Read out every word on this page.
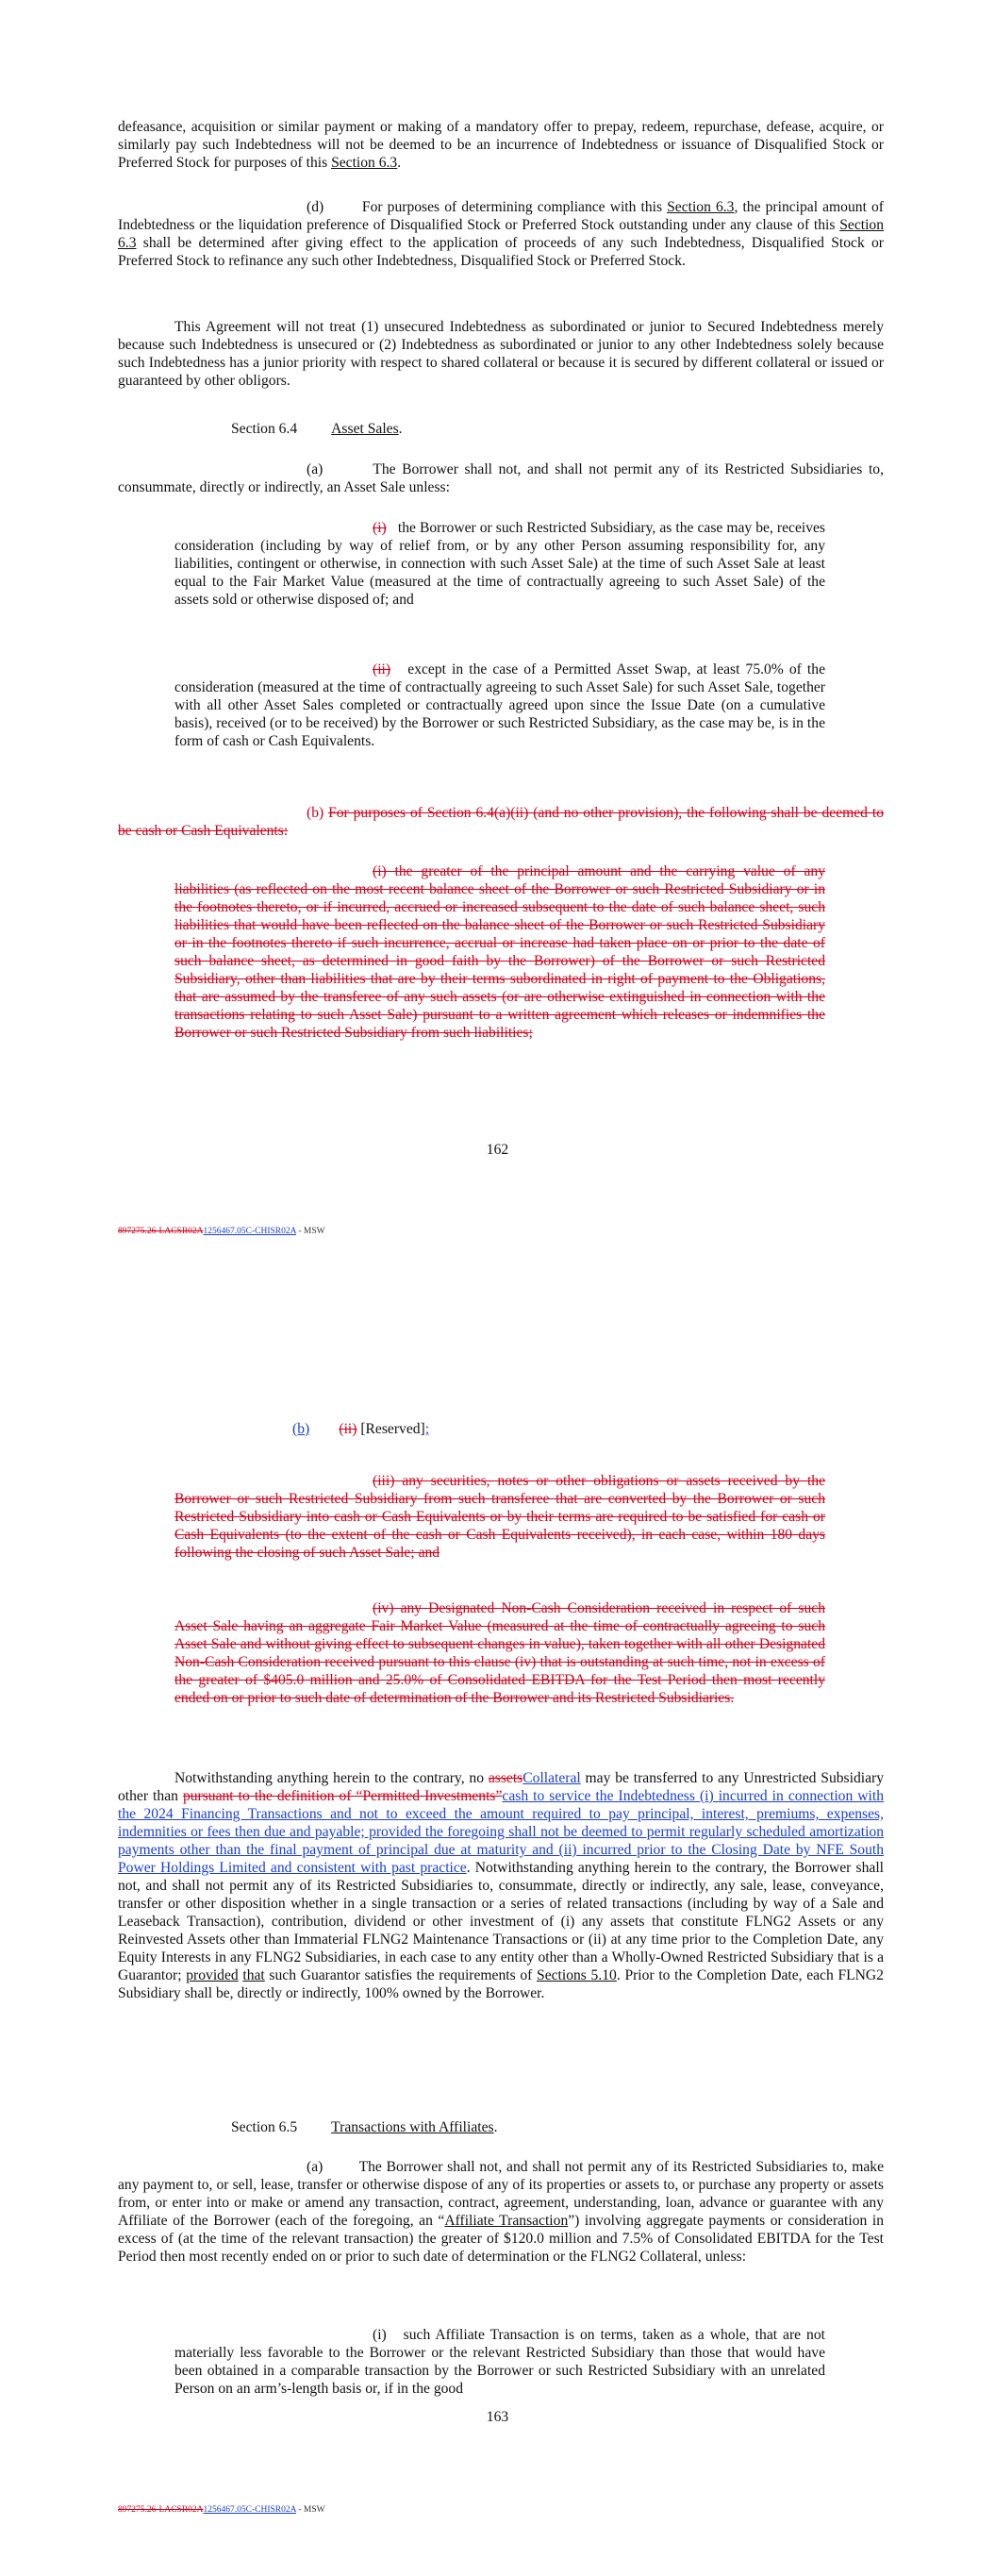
defeasance, acquisition or similar payment or making of a mandatory offer to prepay, redeem, repurchase, defease, acquire, or similarly pay such Indebtedness will not be deemed to be an incurrence of Indebtedness or issuance of Disqualified Stock or Preferred Stock for purposes of this Section 6.3.

(d)	For purposes of determining compliance with this Section 6.3, the principal amount of Indebtedness or the liquidation preference of Disqualified Stock or Preferred Stock outstanding under any clause of this Section 6.3 shall be determined after giving effect to the application of proceeds of any such Indebtedness, Disqualified Stock or Preferred Stock to refinance any such other Indebtedness, Disqualified Stock or Preferred Stock.

This Agreement will not treat (1) unsecured Indebtedness as subordinated or junior to Secured Indebtedness merely because such Indebtedness is unsecured or (2) Indebtedness as subordinated or junior to any other Indebtedness solely because such Indebtedness has a junior priority with respect to shared collateral or because it is secured by different collateral or issued or guaranteed by other obligors.

Section 6.4 Asset Sales.

(a)        The Borrower shall not, and shall not permit any of its Restricted Subsidiaries to, consummate, directly or indirectly, an Asset Sale unless:

(i)   the Borrower or such Restricted Subsidiary, as the case may be, receives consideration (including by way of relief from, or by any other Person assuming responsibility for, any liabilities, contingent or otherwise, in connection with such Asset Sale) at the time of such Asset Sale at least equal to the Fair Market Value (measured at the time of contractually agreeing to such Asset Sale) of the assets sold or otherwise disposed of; and

(ii)   except in the case of a Permitted Asset Swap, at least 75.0% of the consideration (measured at the time of contractually agreeing to such Asset Sale) for such Asset Sale, together with all other Asset Sales completed or contractually agreed upon since the Issue Date (on a cumulative basis), received (or to be received) by the Borrower or such Restricted Subsidiary, as the case may be, is in the form of cash or Cash Equivalents.

(b) For purposes of Section 6.4(a)(ii) (and no other provision), the following shall be deemed to be cash or Cash Equivalents:

(i) the greater of the principal amount and the carrying value of any liabilities (as reflected on the most recent balance sheet of the Borrower or such Restricted Subsidiary or in the footnotes thereto, or if incurred, accrued or increased subsequent to the date of such balance sheet, such liabilities that would have been reflected on the balance sheet of the Borrower or such Restricted Subsidiary or in the footnotes thereto if such incurrence, accrual or increase had taken place on or prior to the date of such balance sheet, as determined in good faith by the Borrower) of the Borrower or such Restricted Subsidiary, other than liabilities that are by their terms subordinated in right of payment to the Obligations, that are assumed by the transferee of any such assets (or are otherwise extinguished in connection with the transactions relating to such Asset Sale) pursuant to a written agreement which releases or indemnifies the Borrower or such Restricted Subsidiary from such liabilities;

162
897275.26-LACSR02A1256467.05C-CHISR02A - MSW

(b) (ii) [Reserved];

(iii) any securities, notes or other obligations or assets received by the Borrower or such Restricted Subsidiary from such transferee that are converted by the Borrower or such Restricted Subsidiary into cash or Cash Equivalents or by their terms are required to be satisfied for cash or Cash Equivalents (to the extent of the cash or Cash Equivalents received), in each case, within 180 days following the closing of such Asset Sale; and

(iv) any Designated Non-Cash Consideration received in respect of such Asset Sale having an aggregate Fair Market Value (measured at the time of contractually agreeing to such Asset Sale and without giving effect to subsequent changes in value), taken together with all other Designated Non-Cash Consideration received pursuant to this clause (iv) that is outstanding at such time, not in excess of the greater of $405.0 million and 25.0% of Consolidated EBITDA for the Test Period then most recently ended on or prior to such date of determination of the Borrower and its Restricted Subsidiaries.

Notwithstanding anything herein to the contrary, no assetsCollateral may be transferred to any Unrestricted Subsidiary other than pursuant to the definition of “Permitted Investments”cash to service the Indebtedness (i) incurred in connection with the 2024 Financing Transactions and not to exceed the amount required to pay principal, interest, premiums, expenses, indemnities or fees then due and payable; provided the foregoing shall not be deemed to permit regularly scheduled amortization payments other than the final payment of principal due at maturity and (ii) incurred prior to the Closing Date by NFE South Power Holdings Limited and consistent with past practice. Notwithstanding anything herein to the contrary, the Borrower shall not, and shall not permit any of its Restricted Subsidiaries to, consummate, directly or indirectly, any sale, lease, conveyance, transfer or other disposition whether in a single transaction or a series of related transactions (including by way of a Sale and Leaseback Transaction), contribution, dividend or other investment of (i) any assets that constitute FLNG2 Assets or any Reinvested Assets other than Immaterial FLNG2 Maintenance Transactions or (ii) at any time prior to the Completion Date, any Equity Interests in any FLNG2 Subsidiaries, in each case to any entity other than a Wholly-Owned Restricted Subsidiary that is a Guarantor; provided that such Guarantor satisfies the requirements of Sections 5.10. Prior to the Completion Date, each FLNG2 Subsidiary shall be, directly or indirectly, 100% owned by the Borrower.

Section 6.5 Transactions with Affiliates.

(a)        The Borrower shall not, and shall not permit any of its Restricted Subsidiaries to, make any payment to, or sell, lease, transfer or otherwise dispose of any of its properties or assets to, or purchase any property or assets from, or enter into or make or amend any transaction, contract, agreement, understanding, loan, advance or guarantee with any Affiliate of the Borrower (each of the foregoing, an “Affiliate Transaction”) involving aggregate payments or consideration in excess of (at the time of the relevant transaction) the greater of $120.0 million and 7.5% of Consolidated EBITDA for the Test Period then most recently ended on or prior to such date of determination or the FLNG2 Collateral, unless:

(i)   such Affiliate Transaction is on terms, taken as a whole, that are not materially less favorable to the Borrower or the relevant Restricted Subsidiary than those that would have been obtained in a comparable transaction by the Borrower or such Restricted Subsidiary with an unrelated Person on an arm’s-length basis or, if in the good

163
897275.26-LACSR02A1256467.05C-CHISR02A - MSW
